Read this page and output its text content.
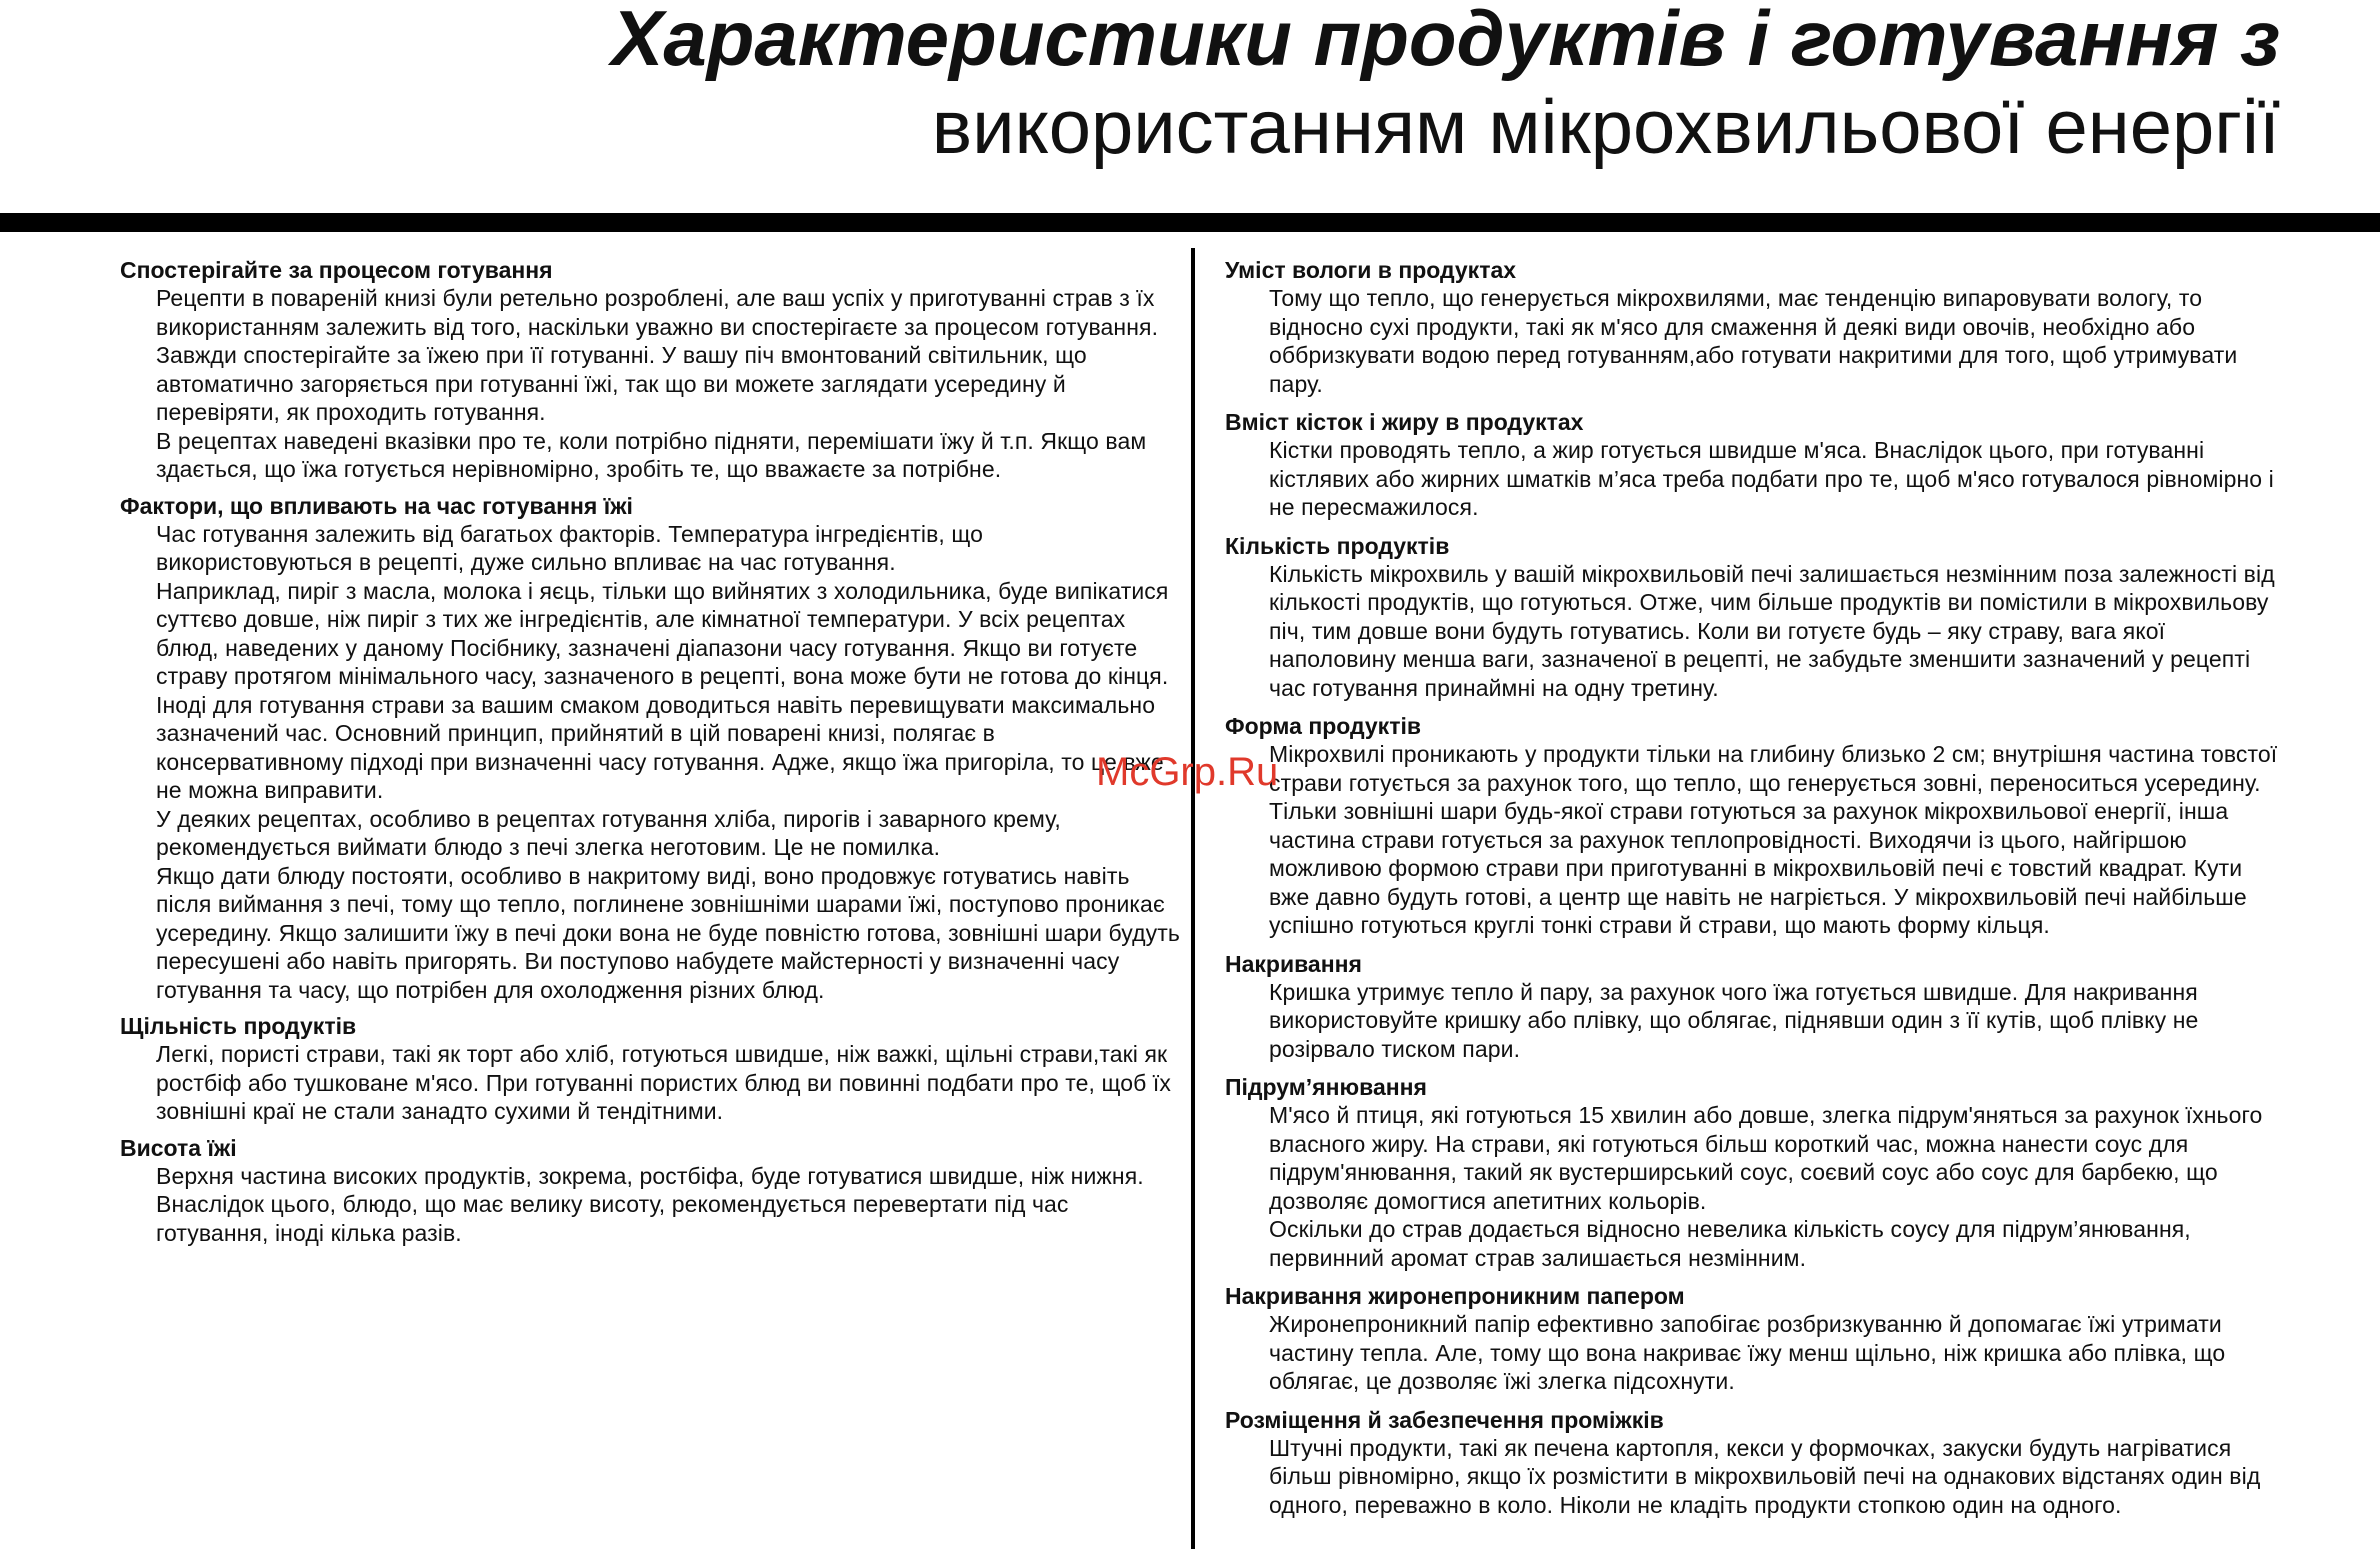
Характеристики продуктів і готування з
використанням мікрохвильової енергії

Спостерігайте за процесом готування

Рецепти в повареній книзі були ретельно розроблені, але ваш успіх у приготуванні страв з їх використанням залежить від того, наскільки уважно ви спостерігаєте за процесом готування. Завжди спостерігайте за їжею при її готуванні. У вашу піч вмонтований світильник, що автоматично загоряється при готуванні їжі, так що ви можете заглядати усередину й перевіряти, як проходить готування.

В рецептах наведені вказівки про те, коли потрібно підняти, перемішати їжу й т.п. Якщо вам здається, що їжа готується нерівномірно, зробіть те, що вважаєте за потрібне.

Фактори, що впливають на час готування їжі

Час готування залежить від багатьох факторів. Температура інгредієнтів, що використовуються в рецепті, дуже сильно впливає на час готування.

Наприклад, пиріг з масла, молока і яєць, тільки що вийнятих з холодильника, буде випікатися суттєво довше, ніж пиріг з тих же інгредієнтів, але кімнатної температури. У всіх рецептах блюд, наведених у даному Посібнику, зазначені діапазони часу готування. Якщо ви готуєте страву протягом мінімального часу, зазначеного в рецепті, вона може бути не готова до кінця. Іноді для готування страви за вашим смаком доводиться навіть перевищувати максимально зазначений час. Основний принцип, прийнятий в цій поварені книзі, полягає в консервативному підході при визначенні часу готування. Адже, якщо їжа пригоріла, то це вже не можна виправити.

У деяких рецептах, особливо в рецептах готування хліба, пирогів і заварного крему, рекомендується виймати блюдо з печі злегка неготовим. Це не помилка.

Якщо дати блюду постояти, особливо в накритому виді, воно продовжує готуватись навіть після виймання з печі, тому що тепло, поглинене зовнішніми шарами їжі, поступово проникає усередину. Якщо залишити їжу в печі доки вона не буде повністю готова, зовнішні шари будуть пересушені або навіть пригорять. Ви поступово набудете майстерності у визначенні часу готування та часу, що потрібен для охолодження різних блюд.

Щільність продуктів

Легкі, пористі страви, такі як торт або хліб, готуються швидше, ніж важкі, щільні страви,такі як ростбіф або тушковане м'ясо. При готуванні пористих блюд ви повинні подбати про те, щоб їх зовнішні краї не стали занадто сухими й тендітними.

Висота їжі

Верхня частина високих продуктів, зокрема, ростбіфа, буде готуватися швидше, ніж нижня. Внаслідок цього, блюдо, що має велику висоту, рекомендується перевертати під час готування, іноді кілька разів.

Уміст вологи в продуктах

Тому що тепло, що генерується мікрохвилями, має тенденцію випаровувати вологу, то відносно сухі продукти, такі як м'ясо для смаження й деякі види овочів, необхідно або оббризкувати водою перед готуванням,або готувати накритими для того, щоб утримувати пару.

Вміст кісток і жиру в продуктах

Кістки проводять тепло, а жир готується швидше м'яса. Внаслідок цього, при готуванні кістлявих або жирних шматків м’яса треба подбати про те, щоб м'ясо готувалося рівномірно і не пересмажилося.

Кількість продуктів

Кількість мікрохвиль у вашій мікрохвильовій печі залишається незмінним поза залежності від кількості продуктів, що готуються. Отже, чим більше продуктів ви помістили в мікрохвильову піч, тим довше вони будуть готуватись. Коли ви готуєте будь – яку страву, вага якої наполовину менша ваги, зазначеної в рецепті, не забудьте зменшити зазначений у рецепті час готування принаймні на одну третину.

Форма продуктів

Мікрохвилі проникають у продукти тільки на глибину близько 2 см; внутрішня частина товстої страви готується за рахунок того, що тепло, що генерується зовні, переноситься усередину. Тільки зовнішні шари будь-якої страви готуються за рахунок мікрохвильової енергії, інша частина страви готується за рахунок теплопровідності. Виходячи із цього, найгіршою можливою формою страви при приготуванні в мікрохвильовій печі є товстий квадрат. Кути вже давно будуть готові, а центр ще навіть не нагріється. У мікрохвильовій печі найбільше успішно готуються круглі тонкі страви й страви, що мають форму кільця.

Накривання

Кришка утримує тепло й пару, за рахунок чого їжа готується швидше. Для накривання використовуйте кришку або плівку, що облягає, піднявши один з її кутів, щоб плівку не розірвало тиском пари.

Підрум’янювання

М'ясо й птиця, які готуються 15 хвилин або довше, злегка підрум'яняться за рахунок їхнього власного жиру. На страви, які готуються більш короткий час, можна нанести соус для підрум'янювання, такий як вустерширський соус, соєвий соус або соус для барбекю, що дозволяє домогтися апетитних кольорів.

Оскільки до страв додається відносно невелика кількість соусу для підрум’янювання, первинний аромат страв залишається незмінним.

Накривання жиронепроникним папером

Жиронепроникний папір ефективно запобігає розбризкуванню й допомагає їжі утримати частину тепла. Але, тому що вона накриває їжу менш щільно, ніж кришка або плівка, що облягає, це дозволяє їжі злегка підсохнути.

Розміщення й забезпечення проміжків

Штучні продукти, такі як печена картопля, кекси у формочках, закуски будуть нагріватися більш рівномірно, якщо їх розмістити в мікрохвильовій печі на однакових відстанях один від одного, переважно в коло. Ніколи не кладіть продукти стопкою один на одного.

McGrp.Ru
